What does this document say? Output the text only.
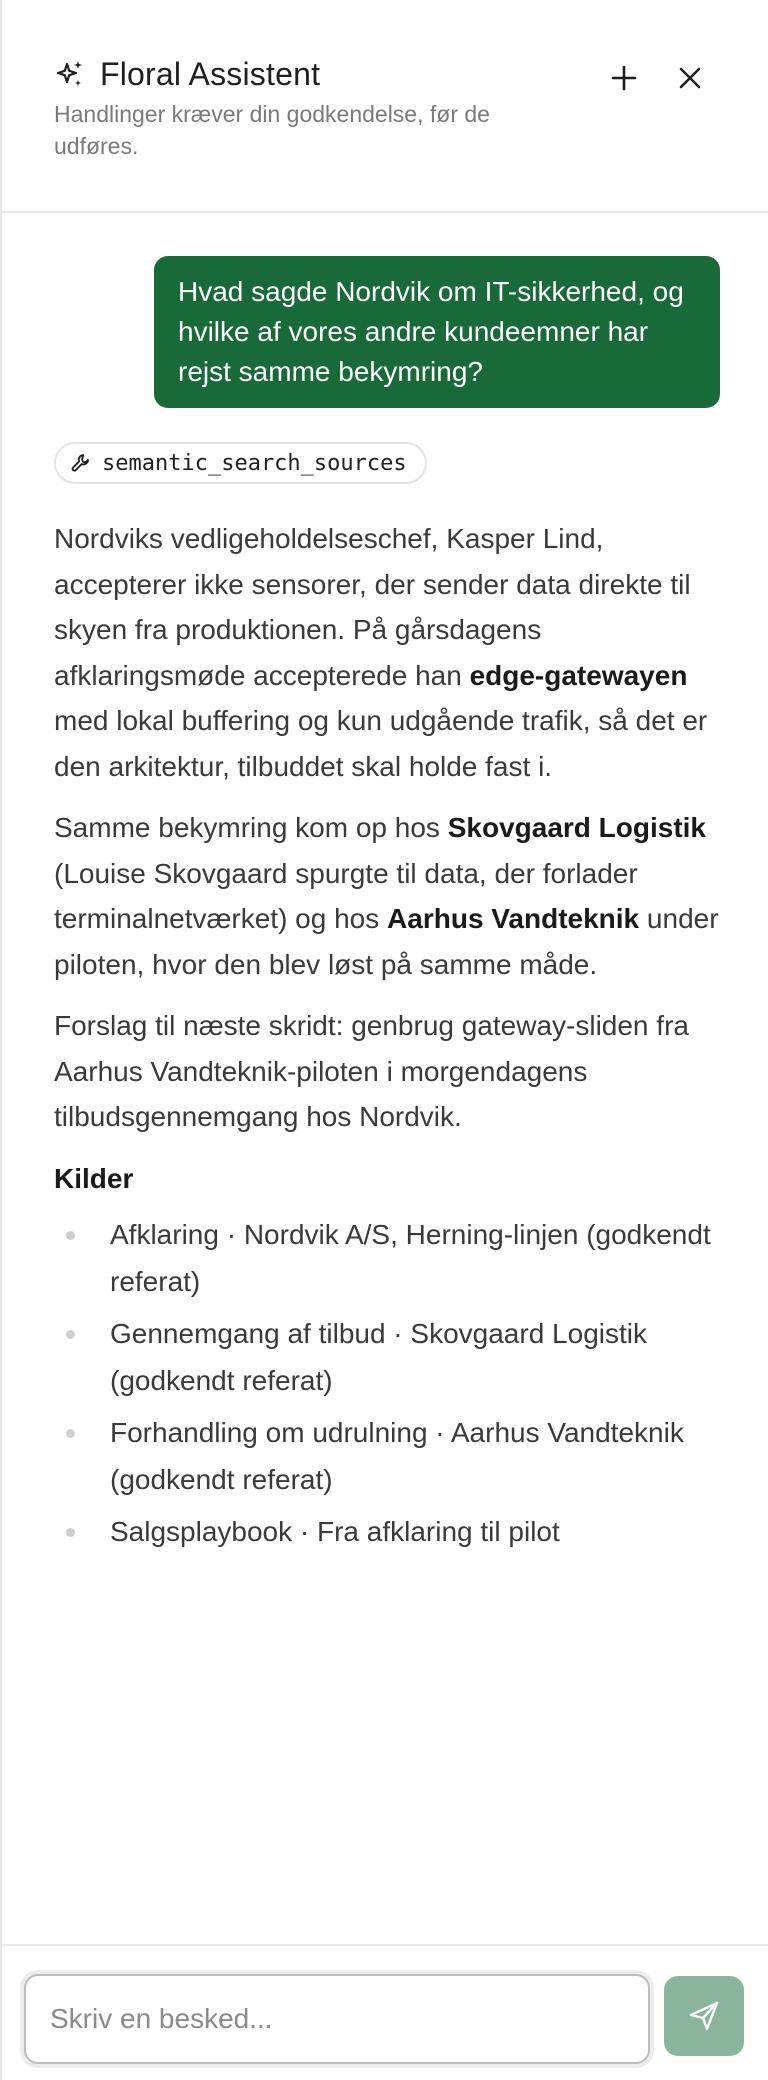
Floral Assistent
Handlinger kræver din godkendelse, før de udføres.
Hvad sagde Nordvik om IT-sikkerhed, og hvilke af vores andre kundeemner har rejst samme bekymring?
semantic_search_sources

Nordviks vedligeholdelseschef, Kasper Lind, accepterer ikke sensorer, der sender data direkte til skyen fra produktionen. På gårsdagens afklaringsmøde accepterede han edge-gatewayen med lokal buffering og kun udgående trafik, så det er den arkitektur, tilbuddet skal holde fast i.

Samme bekymring kom op hos Skovgaard Logistik (Louise Skovgaard spurgte til data, der forlader terminalnetværket) og hos Aarhus Vandteknik under piloten, hvor den blev løst på samme måde.

Forslag til næste skridt: genbrug gateway-sliden fra Aarhus Vandteknik-piloten i morgendagens tilbudsgennemgang hos Nordvik.

Kilder
Afklaring · Nordvik A/S, Herning-linjen (godkendt referat)
Gennemgang af tilbud · Skovgaard Logistik (godkendt referat)
Forhandling om udrulning · Aarhus Vandteknik (godkendt referat)
Salgsplaybook · Fra afklaring til pilot
Skriv en besked...
